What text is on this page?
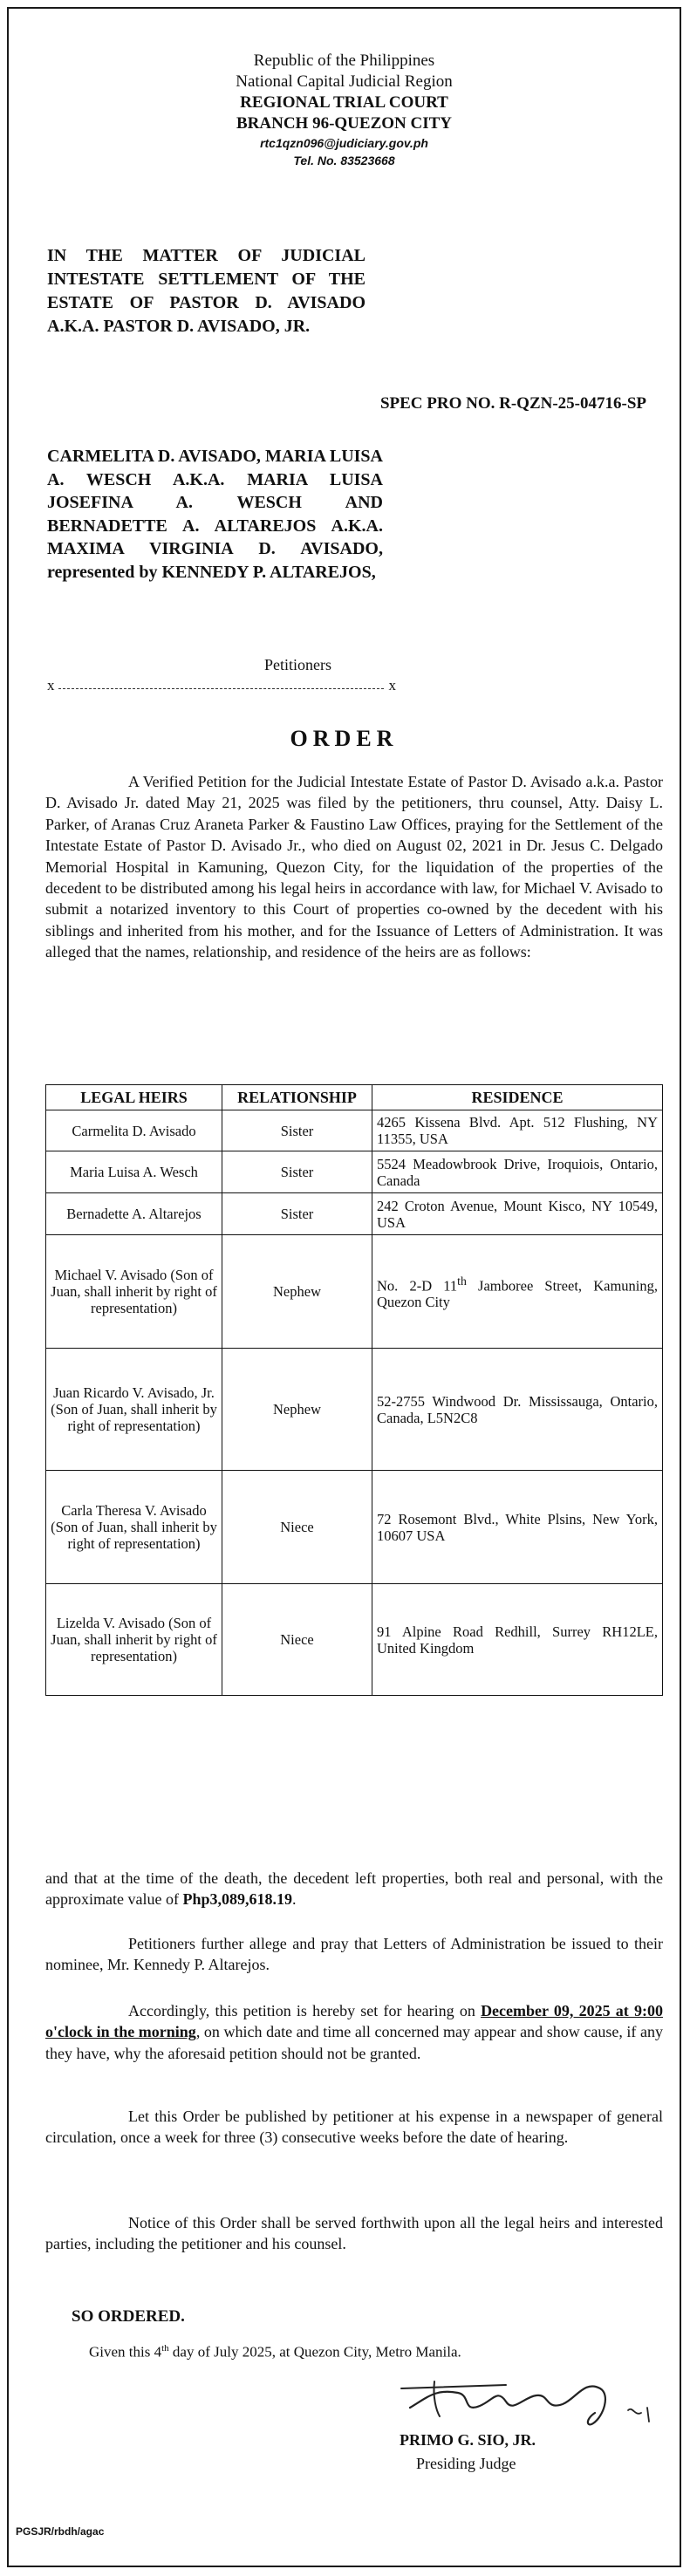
Republic of the Philippines
National Capital Judicial Region
REGIONAL TRIAL COURT
BRANCH 96-QUEZON CITY
rtc1qzn096@judiciary.gov.ph
Tel. No. 83523668
IN THE MATTER OF JUDICIAL INTESTATE SETTLEMENT OF THE ESTATE OF PASTOR D. AVISADO A.K.A. PASTOR D. AVISADO, JR.
SPEC PRO NO. R-QZN-25-04716-SP
CARMELITA D. AVISADO, MARIA LUISA A. WESCH A.K.A. MARIA LUISA JOSEFINA A. WESCH AND BERNADETTE A. ALTAREJOS A.K.A. MAXIMA VIRGINIA D. AVISADO, represented by KENNEDY P. ALTAREJOS,
Petitioners
x	x
ORDER
A Verified Petition for the Judicial Intestate Estate of Pastor D. Avisado a.k.a. Pastor D. Avisado Jr. dated May 21, 2025 was filed by the petitioners, thru counsel, Atty. Daisy L. Parker, of Aranas Cruz Araneta Parker & Faustino Law Offices, praying for the Settlement of the Intestate Estate of Pastor D. Avisado Jr., who died on August 02, 2021 in Dr. Jesus C. Delgado Memorial Hospital in Kamuning, Quezon City, for the liquidation of the properties of the decedent to be distributed among his legal heirs in accordance with law, for Michael V. Avisado to submit a notarized inventory to this Court of properties co-owned by the decedent with his siblings and inherited from his mother, and for the Issuance of Letters of Administration. It was alleged that the names, relationship, and residence of the heirs are as follows:
LEGAL HEIRS	RELATIONSHIP	RESIDENCE
Carmelita D. Avisado	Sister	4265 Kissena Blvd. Apt. 512 Flushing, NY 11355, USA
Maria Luisa A. Wesch	Sister	5524 Meadowbrook Drive, Iroquiois, Ontario, Canada
Bernadette A. Altarejos	Sister	242 Croton Avenue, Mount Kisco, NY 10549, USA
Michael V. Avisado (Son of Juan, shall inherit by right of representation)	Nephew	No. 2-D 11th Jamboree Street, Kamuning, Quezon City
Juan Ricardo V. Avisado, Jr. (Son of Juan, shall inherit by right of representation)	Nephew	52-2755 Windwood Dr. Mississauga, Ontario, Canada, L5N2C8
Carla Theresa V. Avisado (Son of Juan, shall inherit by right of representation)	Niece	72 Rosemont Blvd., White Plsins, New York, 10607 USA
Lizelda V. Avisado (Son of Juan, shall inherit by right of representation)	Niece	91 Alpine Road Redhill, Surrey RH12LE, United Kingdom
and that at the time of the death, the decedent left properties, both real and personal, with the approximate value of Php3,089,618.19.
Petitioners further allege and pray that Letters of Administration be issued to their nominee, Mr. Kennedy P. Altarejos.
Accordingly, this petition is hereby set for hearing on December 09, 2025 at 9:00 o'clock in the morning, on which date and time all concerned may appear and show cause, if any they have, why the aforesaid petition should not be granted.
Let this Order be published by petitioner at his expense in a newspaper of general circulation, once a week for three (3) consecutive weeks before the date of hearing.
Notice of this Order shall be served forthwith upon all the legal heirs and interested parties, including the petitioner and his counsel.
SO ORDERED.
Given this 4th day of July 2025, at Quezon City, Metro Manila.
PRIMO G. SIO, JR.
Presiding Judge
PGSJR/rbdh/agac
